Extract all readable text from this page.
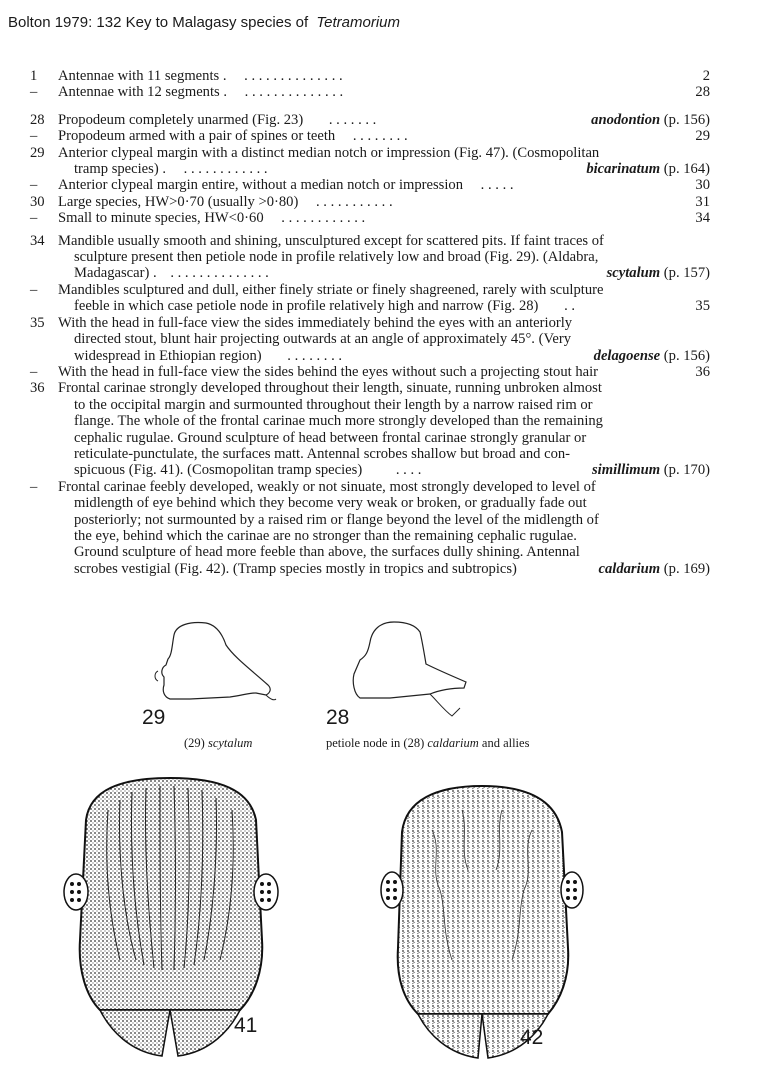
Bolton 1979: 132 Key to Malagasy species of Tetramorium
1	Antennae with 11 segments . . . . . . . . . . . . . . .	2
–	Antennae with 12 segments . . . . . . . . . . . . . . .	28
28 Propodeum completely unarmed (Fig. 23) . . . . . . .	anodontion (p. 156)
–	Propodeum armed with a pair of spines or teeth . . . . . . . .	29
29 Anterior clypeal margin with a distinct median notch or impression (Fig. 47). (Cosmopolitan
tramp species) . . . . . . . . . . . . .	bicarinatum (p. 164)
–	Anterior clypeal margin entire, without a median notch or impression . . . . .	30
30 Large species, HW>0·70 (usually >0·80) . . . . . . . . . . .	31
–	Small to minute species, HW<0·60 . . . . . . . . . . . .	34
34 Mandible usually smooth and shining, unsculptured except for scattered pits. If faint traces of
sculpture present then petiole node in profile relatively low and broad (Fig. 29). (Aldabra,
Madagascar) . . . . . . . . . . . . . . .	scytalum (p. 157)
–	Mandibles sculptured and dull, either finely striate or finely shagreened, rarely with sculpture
feeble in which case petiole node in profile relatively high and narrow (Fig. 28) . .	35
35 With the head in full-face view the sides immediately behind the eyes with an anteriorly
directed stout, blunt hair projecting outwards at an angle of approximately 45°. (Very
widespread in Ethiopian region) . . . . . . . .	delagoense (p. 156)
–	With the head in full-face view the sides behind the eyes without such a projecting stout hair	36
36 Frontal carinae strongly developed throughout their length, sinuate, running unbroken almost
to the occipital margin and surmounted throughout their length by a narrow raised rim or
flange. The whole of the frontal carinae much more strongly developed than the remaining
cephalic rugulae. Ground sculpture of head between frontal carinae strongly granular or
reticulate-punctulate, the surfaces matt. Antennal scrobes shallow but broad and con-
spicuous (Fig. 41). (Cosmopolitan tramp species) . . . .	simillimum (p. 170)
–	Frontal carinae feebly developed, weakly or not sinuate, most strongly developed to level of
midlength of eye behind which they become very weak or broken, or gradually fade out
posteriorly; not surmounted by a raised rim or flange beyond the level of the midlength of
the eye, behind which the carinae are no stronger than the remaining cephalic rugulae.
Ground sculpture of head more feeble than above, the surfaces dully shining. Antennal
scrobes vestigial (Fig. 42). (Tramp species mostly in tropics and subtropics)	caldarium (p. 169)
29
(29) scytalum
28
petiole node in (28) caldarium and allies
41
42
